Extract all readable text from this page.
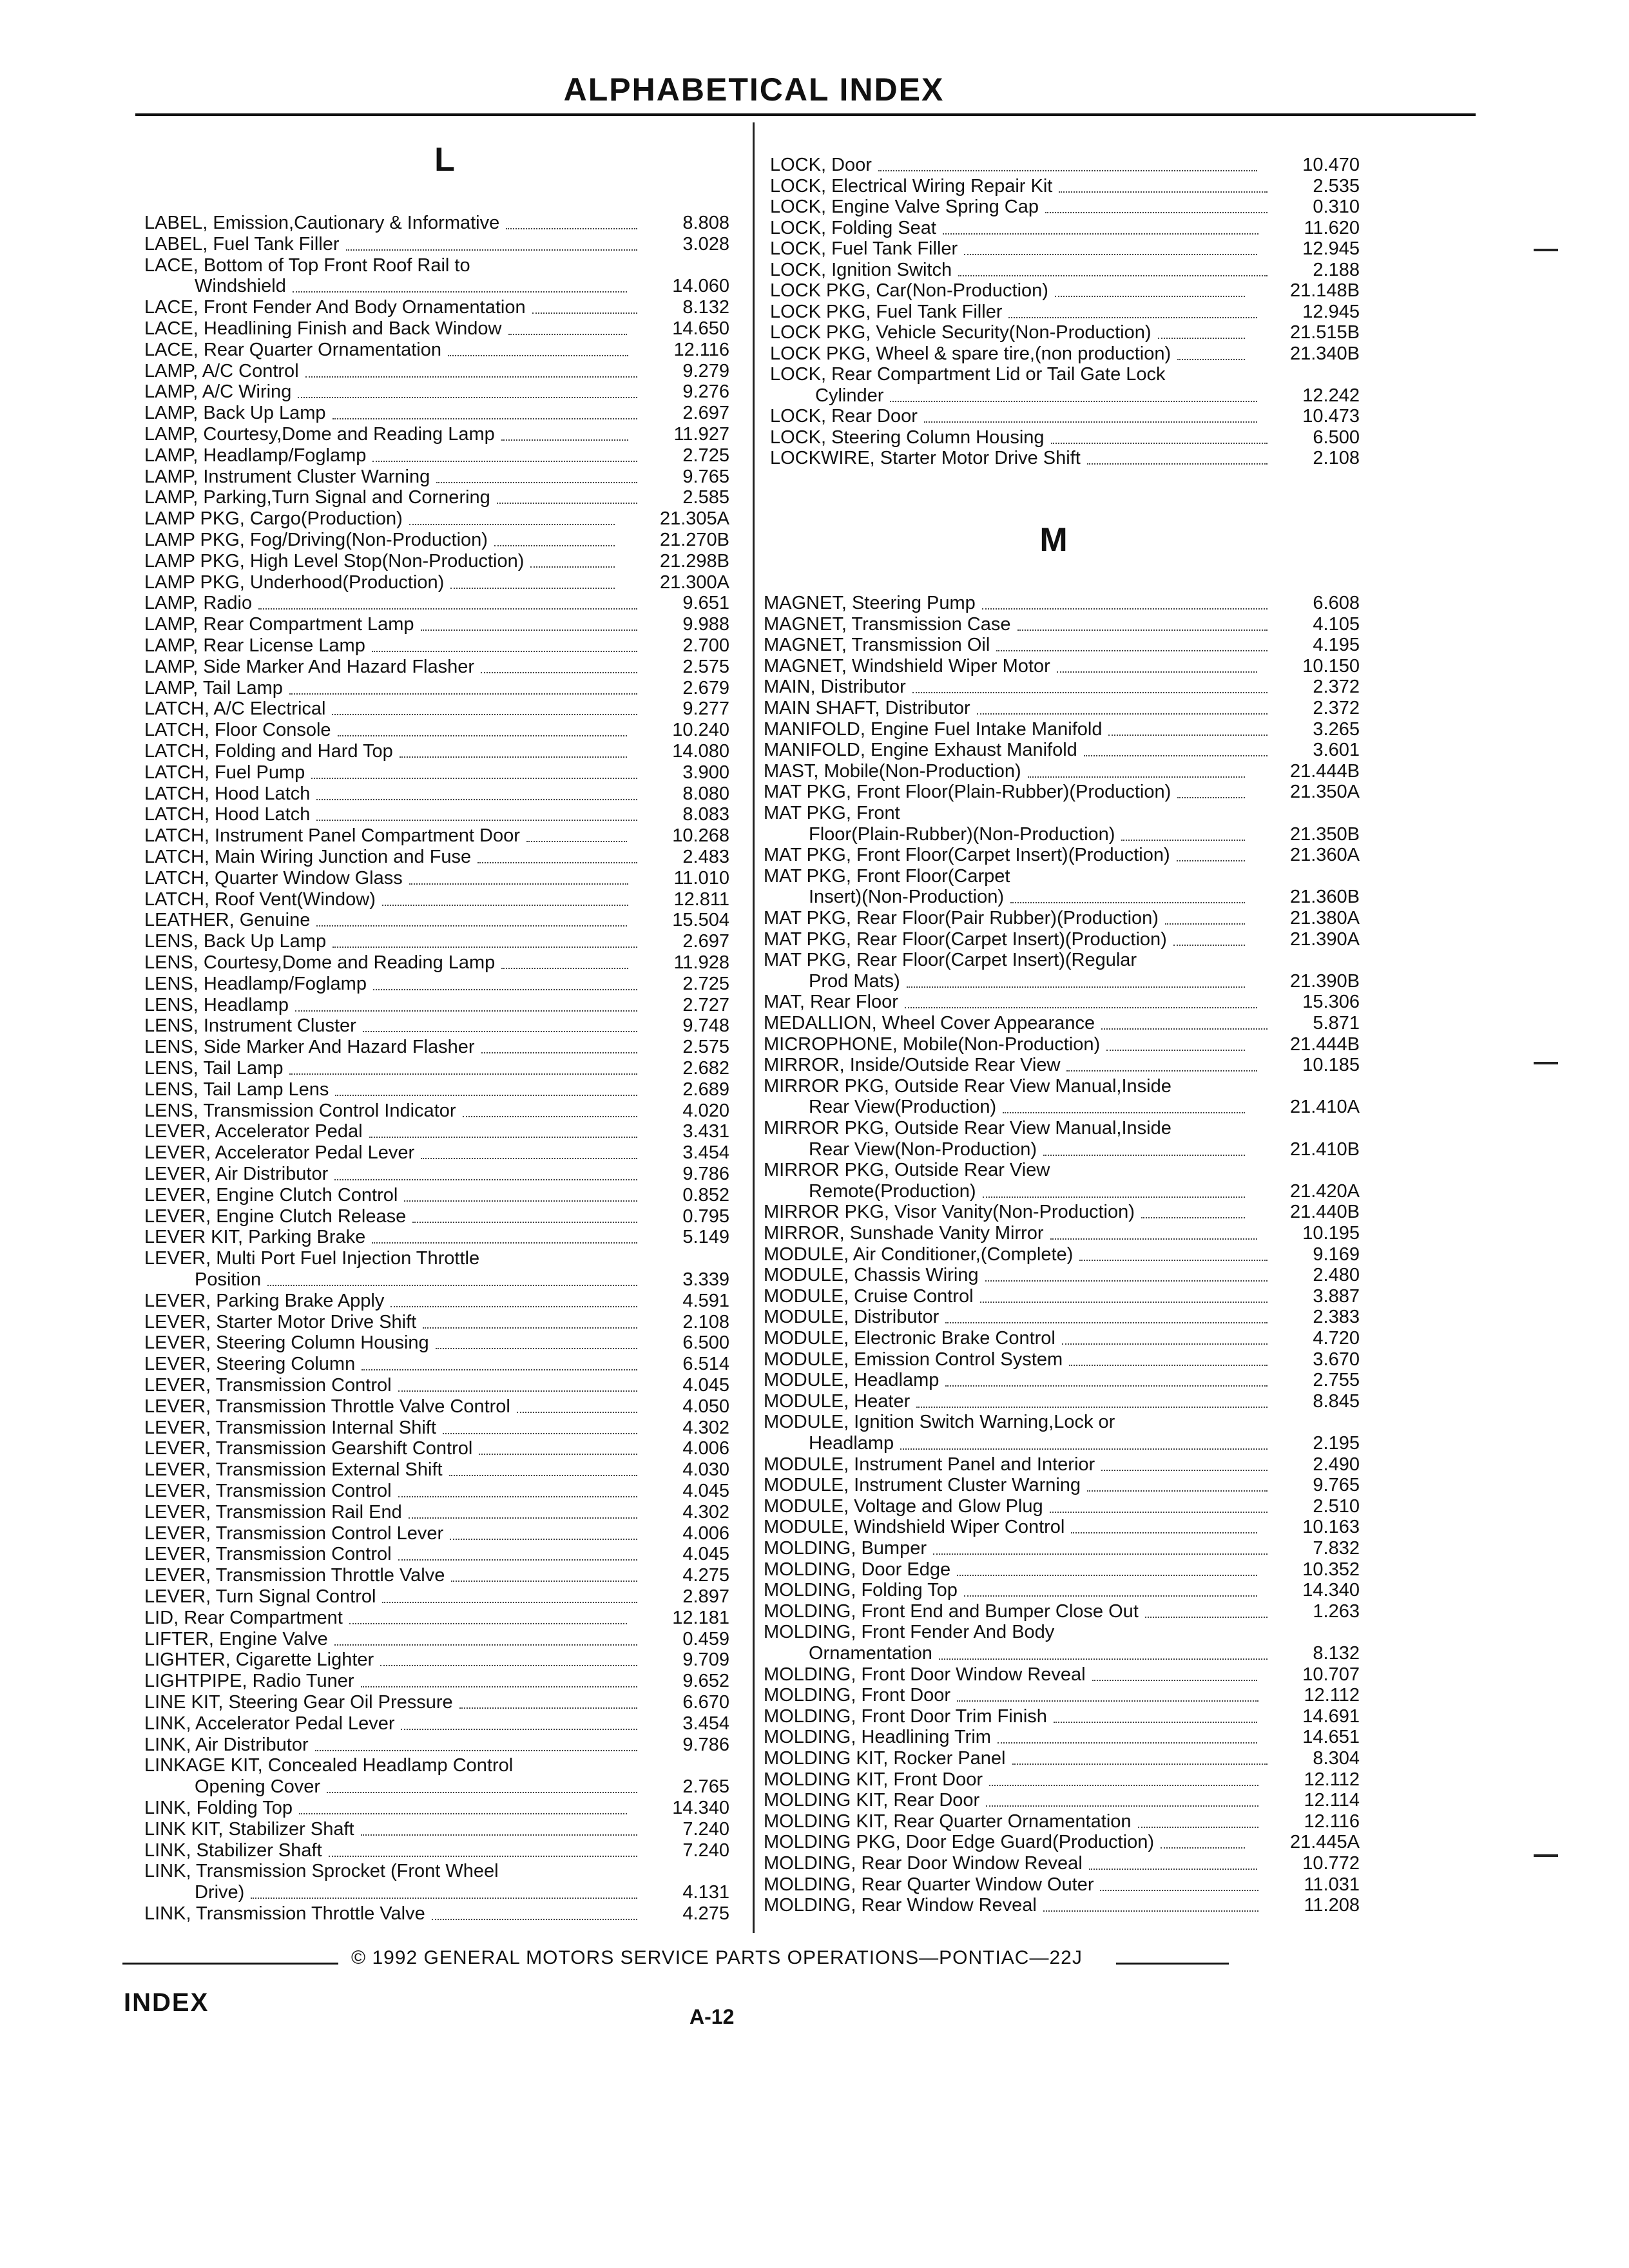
ALPHABETICAL INDEX
L
M
LABEL, Emission,Cautionary & Informative	8.808
LABEL, Fuel Tank Filler	3.028
LACE, Bottom of Top Front Roof Rail to
Windshield	14.060
LACE, Front Fender And Body Ornamentation	8.132
LACE, Headlining Finish and Back Window	14.650
LACE, Rear Quarter Ornamentation	12.116
LAMP, A/C Control	9.279
LAMP, A/C Wiring	9.276
LAMP, Back Up Lamp	2.697
LAMP, Courtesy,Dome and Reading Lamp	11.927
LAMP, Headlamp/Foglamp	2.725
LAMP, Instrument Cluster Warning	9.765
LAMP, Parking,Turn Signal and Cornering	2.585
LAMP PKG, Cargo(Production)	21.305A
LAMP PKG, Fog/Driving(Non-Production)	21.270B
LAMP PKG, High Level Stop(Non-Production)	21.298B
LAMP PKG, Underhood(Production)	21.300A
LAMP, Radio	9.651
LAMP, Rear Compartment Lamp	9.988
LAMP, Rear License Lamp	2.700
LAMP, Side Marker And Hazard Flasher	2.575
LAMP, Tail Lamp	2.679
LATCH, A/C Electrical	9.277
LATCH, Floor Console	10.240
LATCH, Folding and Hard Top	14.080
LATCH, Fuel Pump	3.900
LATCH, Hood Latch	8.080
LATCH, Hood Latch	8.083
LATCH, Instrument Panel Compartment Door	10.268
LATCH, Main Wiring Junction and Fuse	2.483
LATCH, Quarter Window Glass	11.010
LATCH, Roof Vent(Window)	12.811
LEATHER, Genuine	15.504
LENS, Back Up Lamp	2.697
LENS, Courtesy,Dome and Reading Lamp	11.928
LENS, Headlamp/Foglamp	2.725
LENS, Headlamp	2.727
LENS, Instrument Cluster	9.748
LENS, Side Marker And Hazard Flasher	2.575
LENS, Tail Lamp	2.682
LENS, Tail Lamp Lens	2.689
LENS, Transmission Control Indicator	4.020
LEVER, Accelerator Pedal	3.431
LEVER, Accelerator Pedal Lever	3.454
LEVER, Air Distributor	9.786
LEVER, Engine Clutch Control	0.852
LEVER, Engine Clutch Release	0.795
LEVER KIT, Parking Brake	5.149
LEVER, Multi Port Fuel Injection Throttle
Position	3.339
LEVER, Parking Brake Apply	4.591
LEVER, Starter Motor Drive Shift	2.108
LEVER, Steering Column Housing	6.500
LEVER, Steering Column	6.514
LEVER, Transmission Control	4.045
LEVER, Transmission Throttle Valve Control	4.050
LEVER, Transmission Internal Shift	4.302
LEVER, Transmission Gearshift Control	4.006
LEVER, Transmission External Shift	4.030
LEVER, Transmission Control	4.045
LEVER, Transmission Rail End	4.302
LEVER, Transmission Control Lever	4.006
LEVER, Transmission Control	4.045
LEVER, Transmission Throttle Valve	4.275
LEVER, Turn Signal Control	2.897
LID, Rear Compartment	12.181
LIFTER, Engine Valve	0.459
LIGHTER, Cigarette Lighter	9.709
LIGHTPIPE, Radio Tuner	9.652
LINE KIT, Steering Gear Oil Pressure	6.670
LINK, Accelerator Pedal Lever	3.454
LINK, Air Distributor	9.786
LINKAGE KIT, Concealed Headlamp Control
Opening Cover	2.765
LINK, Folding Top	14.340
LINK KIT, Stabilizer Shaft	7.240
LINK, Stabilizer Shaft	7.240
LINK, Transmission Sprocket (Front Wheel
Drive)	4.131
LINK, Transmission Throttle Valve	4.275
LOCK, Door	10.470
LOCK, Electrical Wiring Repair Kit	2.535
LOCK, Engine Valve Spring Cap	0.310
LOCK, Folding Seat	11.620
LOCK, Fuel Tank Filler	12.945
LOCK, Ignition Switch	2.188
LOCK PKG, Car(Non-Production)	21.148B
LOCK PKG, Fuel Tank Filler	12.945
LOCK PKG, Vehicle Security(Non-Production)	21.515B
LOCK PKG, Wheel & spare tire,(non production)	21.340B
LOCK, Rear Compartment Lid or Tail Gate Lock
Cylinder	12.242
LOCK, Rear Door	10.473
LOCK, Steering Column Housing	6.500
LOCKWIRE, Starter Motor Drive Shift	2.108
MAGNET, Steering Pump	6.608
MAGNET, Transmission Case	4.105
MAGNET, Transmission Oil	4.195
MAGNET, Windshield Wiper Motor	10.150
MAIN, Distributor	2.372
MAIN SHAFT, Distributor	2.372
MANIFOLD, Engine Fuel Intake Manifold	3.265
MANIFOLD, Engine Exhaust Manifold	3.601
MAST, Mobile(Non-Production)	21.444B
MAT PKG, Front Floor(Plain-Rubber)(Production)	21.350A
MAT PKG, Front
Floor(Plain-Rubber)(Non-Production)	21.350B
MAT PKG, Front Floor(Carpet Insert)(Production)	21.360A
MAT PKG, Front Floor(Carpet
Insert)(Non-Production)	21.360B
MAT PKG, Rear Floor(Pair Rubber)(Production)	21.380A
MAT PKG, Rear Floor(Carpet Insert)(Production)	21.390A
MAT PKG, Rear Floor(Carpet Insert)(Regular
Prod Mats)	21.390B
MAT, Rear Floor	15.306
MEDALLION, Wheel Cover Appearance	5.871
MICROPHONE, Mobile(Non-Production)	21.444B
MIRROR, Inside/Outside Rear View	10.185
MIRROR PKG, Outside Rear View Manual,Inside
Rear View(Production)	21.410A
MIRROR PKG, Outside Rear View Manual,Inside
Rear View(Non-Production)	21.410B
MIRROR PKG, Outside Rear View
Remote(Production)	21.420A
MIRROR PKG, Visor Vanity(Non-Production)	21.440B
MIRROR, Sunshade Vanity Mirror	10.195
MODULE, Air Conditioner,(Complete)	9.169
MODULE, Chassis Wiring	2.480
MODULE, Cruise Control	3.887
MODULE, Distributor	2.383
MODULE, Electronic Brake Control	4.720
MODULE, Emission Control System	3.670
MODULE, Headlamp	2.755
MODULE, Heater	8.845
MODULE, Ignition Switch Warning,Lock or
Headlamp	2.195
MODULE, Instrument Panel and Interior	2.490
MODULE, Instrument Cluster Warning	9.765
MODULE, Voltage and Glow Plug	2.510
MODULE, Windshield Wiper Control	10.163
MOLDING, Bumper	7.832
MOLDING, Door Edge	10.352
MOLDING, Folding Top	14.340
MOLDING, Front End and Bumper Close Out	1.263
MOLDING, Front Fender And Body
Ornamentation	8.132
MOLDING, Front Door Window Reveal	10.707
MOLDING, Front Door	12.112
MOLDING, Front Door Trim Finish	14.691
MOLDING, Headlining Trim	14.651
MOLDING KIT, Rocker Panel	8.304
MOLDING KIT, Front Door	12.112
MOLDING KIT, Rear Door	12.114
MOLDING KIT, Rear Quarter Ornamentation	12.116
MOLDING PKG, Door Edge Guard(Production)	21.445A
MOLDING, Rear Door Window Reveal	10.772
MOLDING, Rear Quarter Window Outer	11.031
MOLDING, Rear Window Reveal	11.208
© 1992 GENERAL MOTORS SERVICE PARTS OPERATIONS—PONTIAC—22J
INDEX	A-12
